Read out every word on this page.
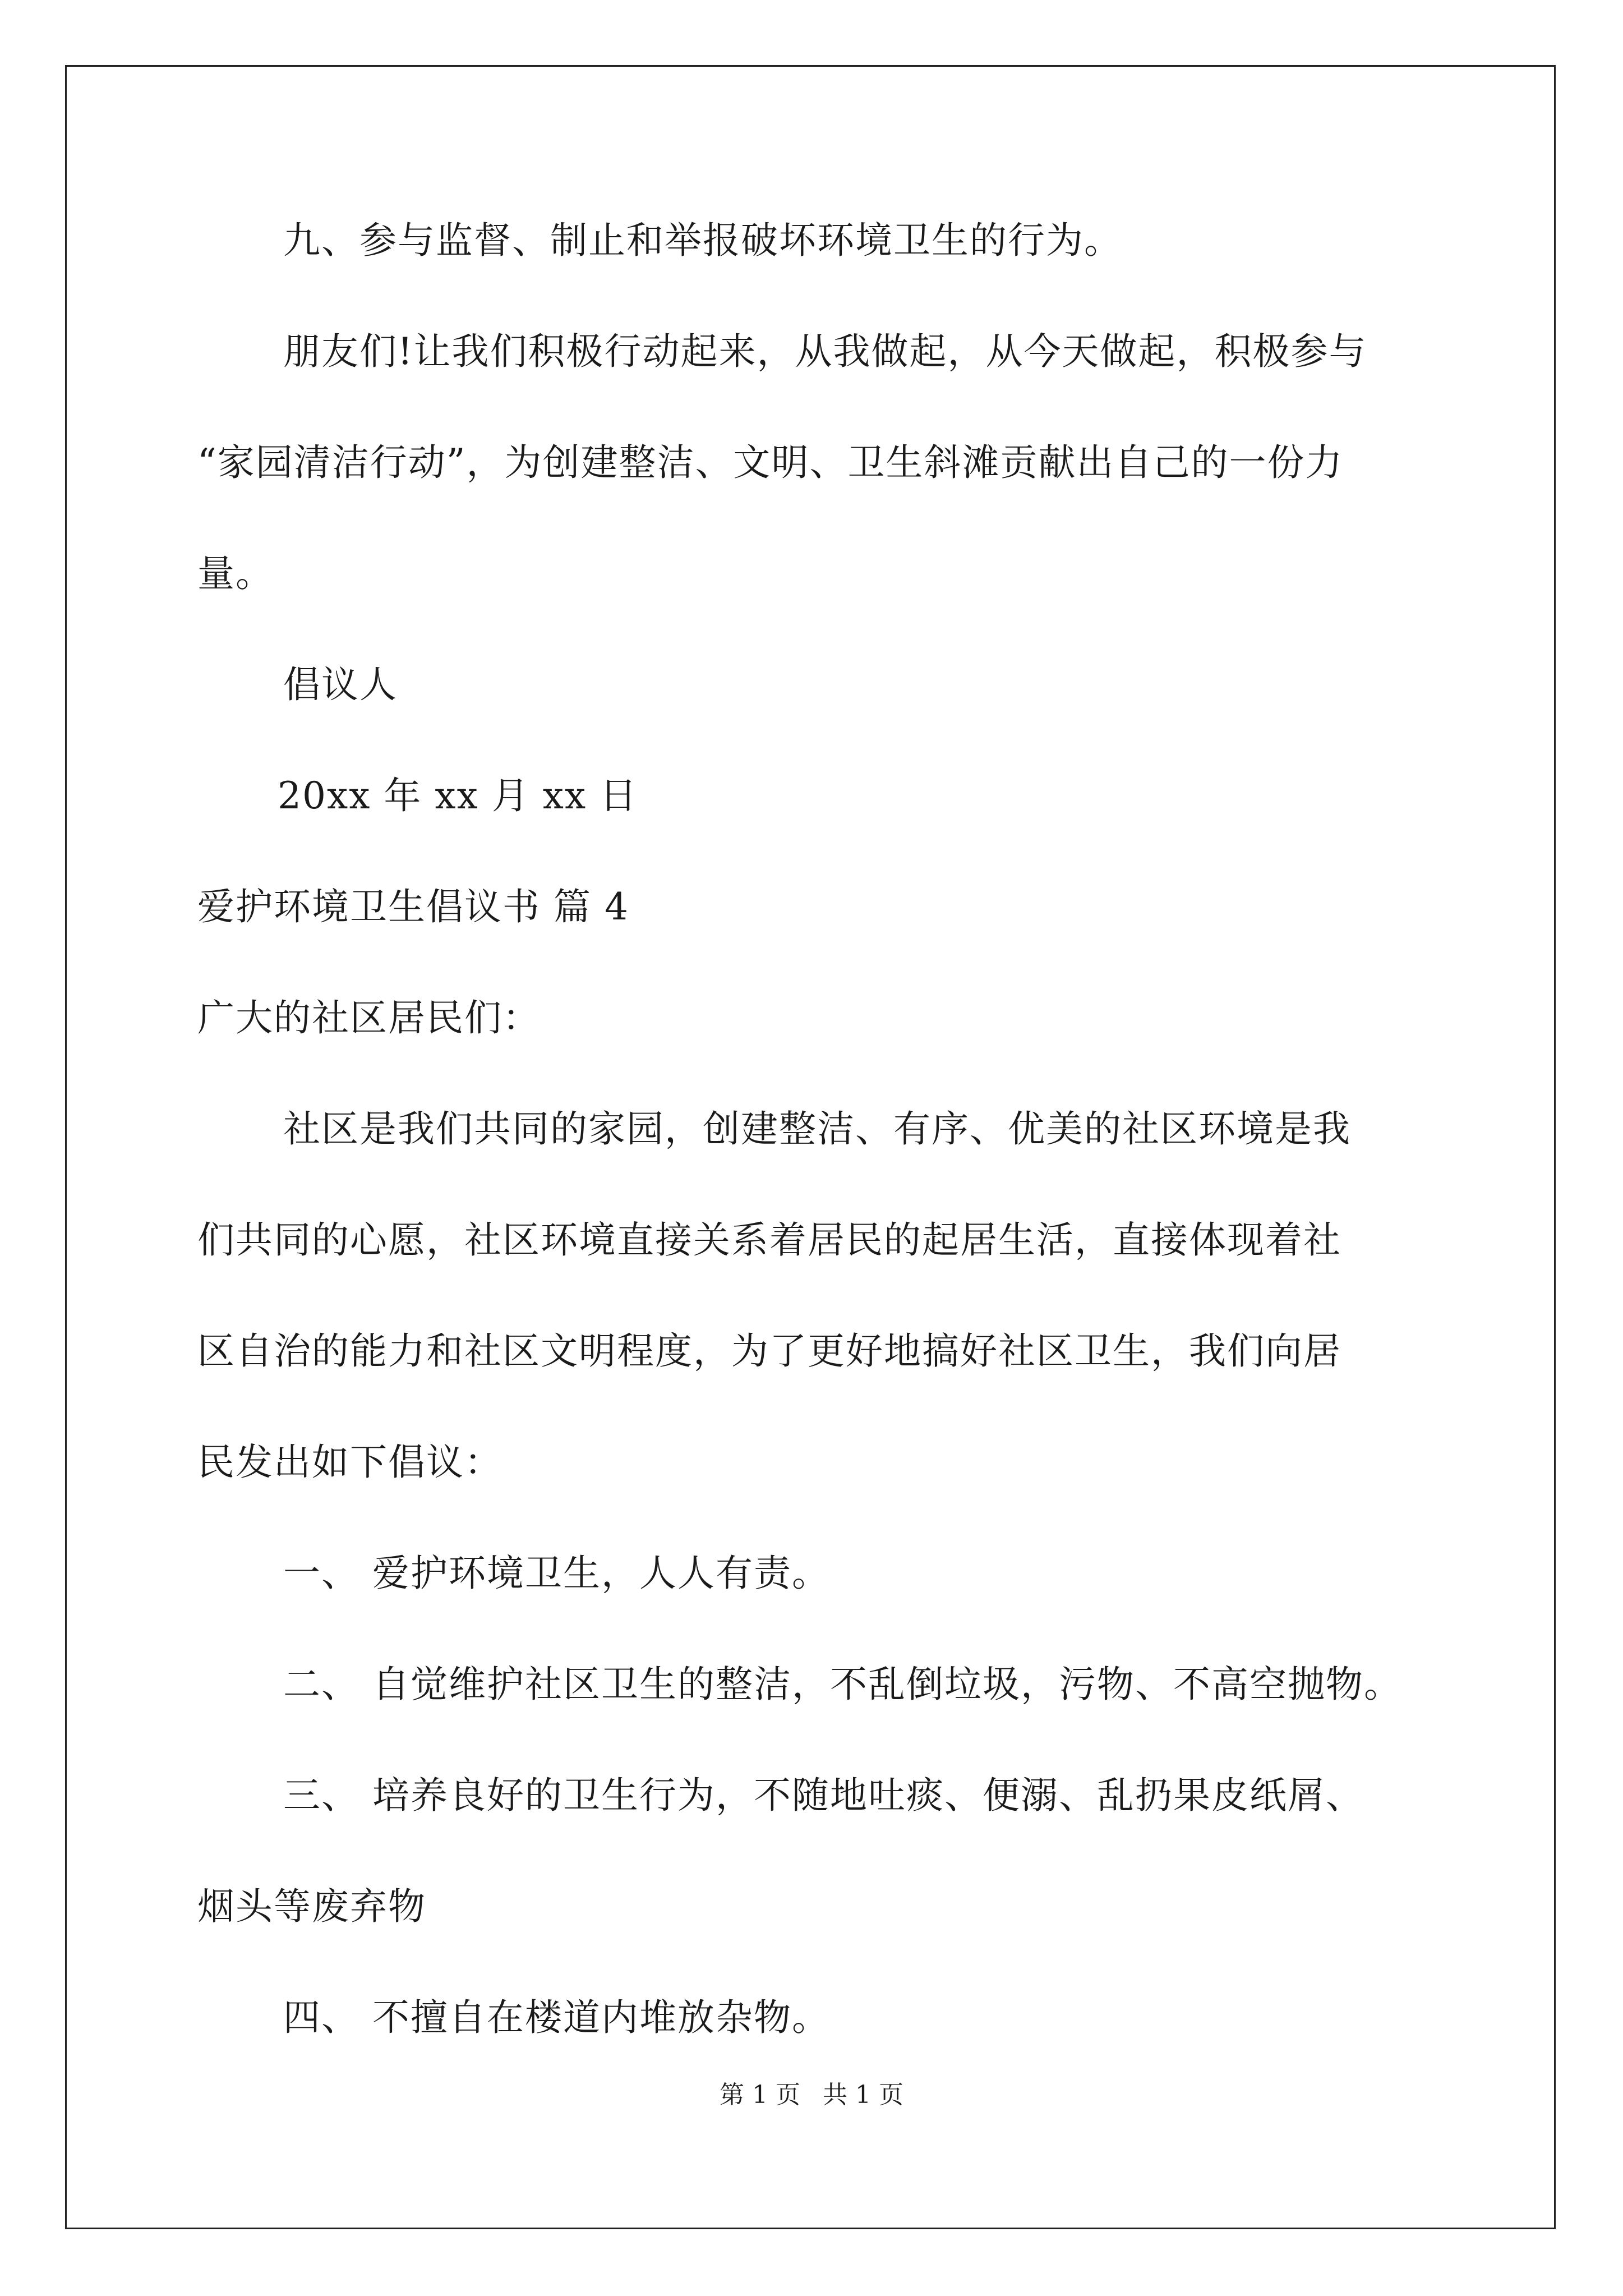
九、参与监督、制止和举报破坏环境卫生的行为。
朋友们!让我们积极行动起来，从我做起，从今天做起，积极参与
“家园清洁行动”，为创建整洁、文明、卫生斜滩贡献出自己的一份力
量。
倡议人
20xx 年 xx 月 xx 日
爱护环境卫生倡议书 篇 4
广大的社区居民们：
社区是我们共同的家园，创建整洁、有序、优美的社区环境是我
们共同的心愿，社区环境直接关系着居民的起居生活，直接体现着社
区自治的能力和社区文明程度，为了更好地搞好社区卫生，我们向居
民发出如下倡议：
一、 爱护环境卫生，人人有责。
二、 自觉维护社区卫生的整洁，不乱倒垃圾，污物、不高空抛物。
三、 培养良好的卫生行为，不随地吐痰、便溺、乱扔果皮纸屑、
烟头等废弃物
四、 不擅自在楼道内堆放杂物。
第 1 页 共 1 页
